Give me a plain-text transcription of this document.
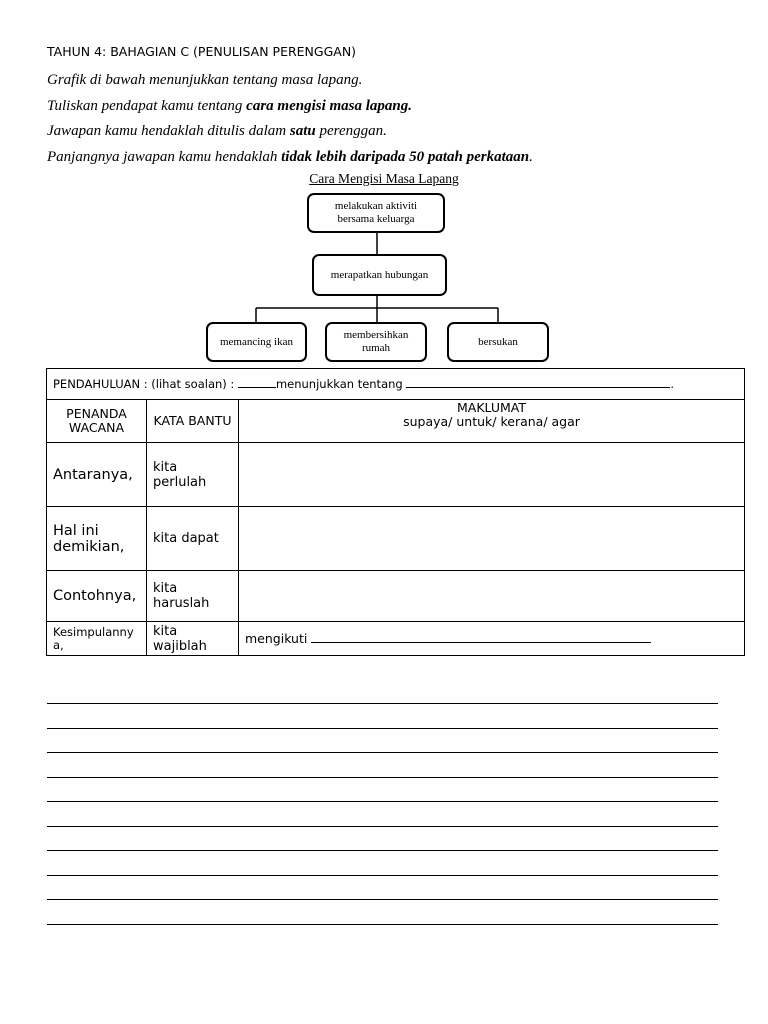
TAHUN 4: BAHAGIAN C (PENULISAN PERENGGAN)
Grafik di bawah menunjukkan tentang masa lapang.
Tuliskan pendapat kamu tentang cara mengisi masa lapang.
Jawapan kamu hendaklah ditulis dalam satu perenggan.
Panjangnya jawapan kamu hendaklah tidak lebih daripada 50 patah perkataan.
Cara Mengisi Masa Lapang
melakukan aktiviti bersama keluarga
merapatkan hubungan
memancing ikan
membersihkan rumah
bersukan
PENDAHULUAN : (lihat soalan) : menunjukkan tentang .		
PENANDA WACANA	KATA BANTU	MAKLUMAT
supaya/ untuk/ kerana/ agar

Antaranya,	kita perlulah	
Hal ini demikian,	kita dapat	
Contohnya,	kita haruslah	
Kesimpulannya,	kita wajiblah	mengikuti
